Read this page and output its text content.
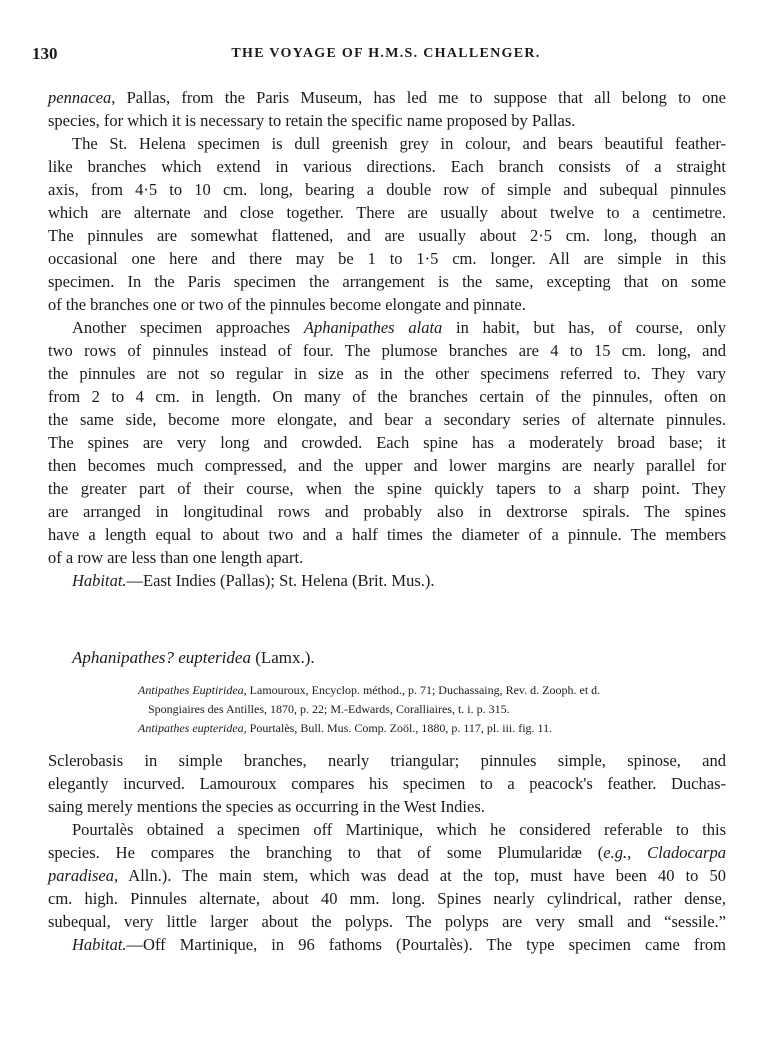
130	THE VOYAGE OF H.M.S. CHALLENGER.
pennacea, Pallas, from the Paris Museum, has led me to suppose that all belong to one
species, for which it is necessary to retain the specific name proposed by Pallas.
The St. Helena specimen is dull greenish grey in colour, and bears beautiful feather-
like branches which extend in various directions. Each branch consists of a straight
axis, from 4·5 to 10 cm. long, bearing a double row of simple and subequal pinnules
which are alternate and close together. There are usually about twelve to a centimetre.
The pinnules are somewhat flattened, and are usually about 2·5 cm. long, though an
occasional one here and there may be 1 to 1·5 cm. longer. All are simple in this
specimen. In the Paris specimen the arrangement is the same, excepting that on some
of the branches one or two of the pinnules become elongate and pinnate.
Another specimen approaches Aphanipathes alata in habit, but has, of course, only
two rows of pinnules instead of four. The plumose branches are 4 to 15 cm. long, and
the pinnules are not so regular in size as in the other specimens referred to. They vary
from 2 to 4 cm. in length. On many of the branches certain of the pinnules, often on
the same side, become more elongate, and bear a secondary series of alternate pinnules.
The spines are very long and crowded. Each spine has a moderately broad base; it
then becomes much compressed, and the upper and lower margins are nearly parallel for
the greater part of their course, when the spine quickly tapers to a sharp point. They
are arranged in longitudinal rows and probably also in dextrorse spirals. The spines
have a length equal to about two and a half times the diameter of a pinnule. The members
of a row are less than one length apart.
Habitat.—East Indies (Pallas); St. Helena (Brit. Mus.).
Aphanipathes? eupteridea (Lamx.).
Antipathes Euptiridea, Lamouroux, Encyclop. méthod., p. 71; Duchassaing, Rev. d. Zooph. et d.
Spongiaires des Antilles, 1870, p. 22; M.-Edwards, Coralliaires, t. i. p. 315.
Antipathes eupteridea, Pourtalès, Bull. Mus. Comp. Zoöl., 1880, p. 117, pl. iii. fig. 11.
Sclerobasis in simple branches, nearly triangular; pinnules simple, spinose, and
elegantly incurved. Lamouroux compares his specimen to a peacock's feather. Duchas-
saing merely mentions the species as occurring in the West Indies.
Pourtalès obtained a specimen off Martinique, which he considered referable to this
species. He compares the branching to that of some Plumularidæ (e.g., Cladocarpa
paradisea, Alln.). The main stem, which was dead at the top, must have been 40 to 50
cm. high. Pinnules alternate, about 40 mm. long. Spines nearly cylindrical, rather dense,
subequal, very little larger about the polyps. The polyps are very small and “sessile.”
Habitat.—Off Martinique, in 96 fathoms (Pourtalès). The type specimen came from
